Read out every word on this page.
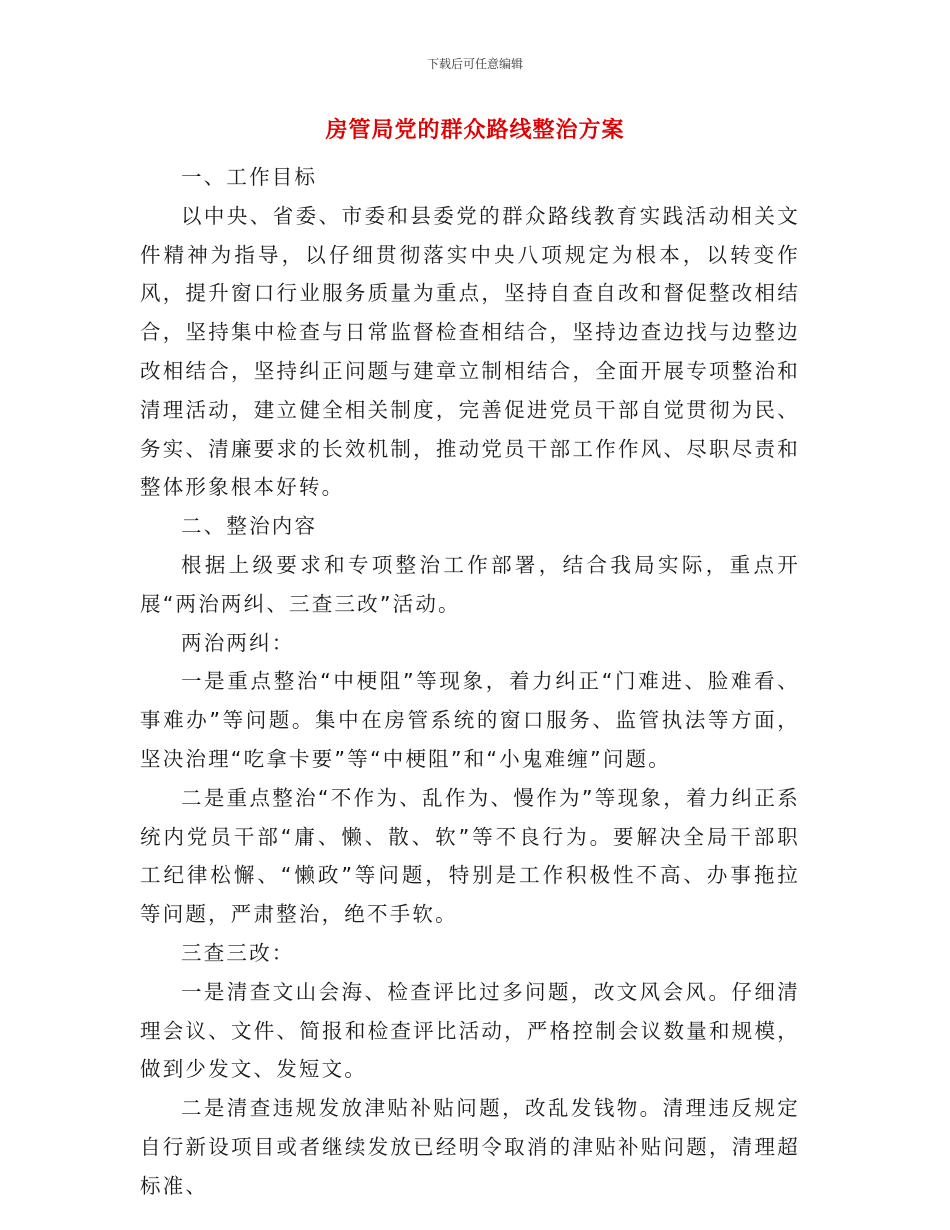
下载后可任意编辑
房管局党的群众路线整治方案

一、工作目标

以中央、省委、市委和县委党的群众路线教育实践活动相关文件精神为指导，以仔细贯彻落实中央八项规定为根本，以转变作风，提升窗口行业服务质量为重点，坚持自查自改和督促整改相结合，坚持集中检查与日常监督检查相结合，坚持边查边找与边整边改相结合，坚持纠正问题与建章立制相结合，全面开展专项整治和清理活动，建立健全相关制度，完善促进党员干部自觉贯彻为民、务实、清廉要求的长效机制，推动党员干部工作作风、尽职尽责和整体形象根本好转。

二、整治内容

根据上级要求和专项整治工作部署，结合我局实际，重点开展“两治两纠、三查三改”活动。

两治两纠：

一是重点整治“中梗阻”等现象，着力纠正“门难进、脸难看、事难办”等问题。集中在房管系统的窗口服务、监管执法等方面，坚决治理“吃拿卡要”等“中梗阻”和“小鬼难缠”问题。

二是重点整治“不作为、乱作为、慢作为”等现象，着力纠正系统内党员干部“庸、懒、散、软”等不良行为。要解决全局干部职工纪律松懈、“懒政”等问题，特别是工作积极性不高、办事拖拉等问题，严肃整治，绝不手软。

三查三改：

一是清查文山会海、检查评比过多问题，改文风会风。仔细清理会议、文件、简报和检查评比活动，严格控制会议数量和规模，做到少发文、发短文。

二是清查违规发放津贴补贴问题，改乱发钱物。清理违反规定自行新设项目或者继续发放已经明令取消的津贴补贴问题，清理超标准、
